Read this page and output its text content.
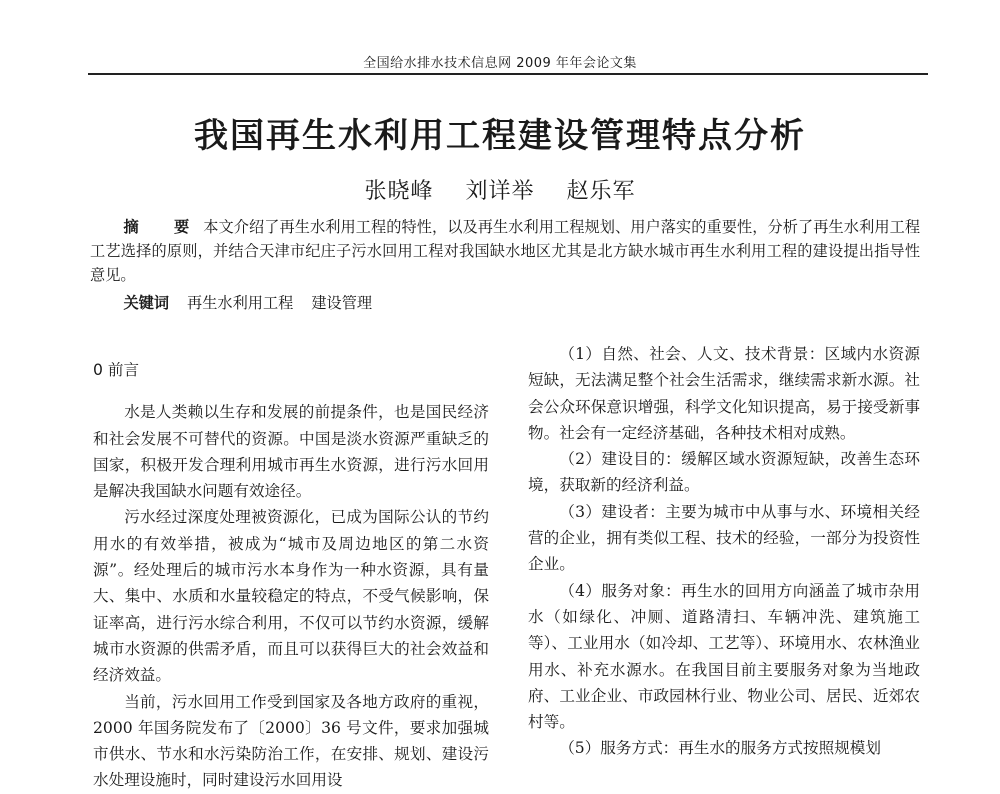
全国给水排水技术信息网 2009 年年会论文集
我国再生水利用工程建设管理特点分析
张晓峰 刘详举 赵乐军
摘　要 本文介绍了再生水利用工程的特性，以及再生水利用工程规划、用户落实的重要性，分析了再生水利用工程工艺选择的原则，并结合天津市纪庄子污水回用工程对我国缺水地区尤其是北方缺水城市再生水利用工程的建设提出指导性意见。
关键词 再生水利用工程 建设管理
0 前言

水是人类赖以生存和发展的前提条件，也是国民经济和社会发展不可替代的资源。中国是淡水资源严重缺乏的国家，积极开发合理利用城市再生水资源，进行污水回用是解决我国缺水问题有效途径。

污水经过深度处理被资源化，已成为国际公认的节约用水的有效举措，被成为“城市及周边地区的第二水资源”。经处理后的城市污水本身作为一种水资源，具有量大、集中、水质和水量较稳定的特点，不受气候影响，保证率高，进行污水综合利用，不仅可以节约水资源，缓解城市水资源的供需矛盾，而且可以获得巨大的社会效益和经济效益。

当前，污水回用工作受到国家及各地方政府的重视，2000 年国务院发布了〔2000〕36 号文件，要求加强城市供水、节水和水污染防治工作，在安排、规划、建设污水处理设施时，同时建设污水回用设

（1）自然、社会、人文、技术背景：区域内水资源短缺，无法满足整个社会生活需求，继续需求新水源。社会公众环保意识增强，科学文化知识提高，易于接受新事物。社会有一定经济基础，各种技术相对成熟。

（2）建设目的：缓解区域水资源短缺，改善生态环境，获取新的经济利益。

（3）建设者：主要为城市中从事与水、环境相关经营的企业，拥有类似工程、技术的经验，一部分为投资性企业。

（4）服务对象：再生水的回用方向涵盖了城市杂用水（如绿化、冲厕、道路清扫、车辆冲洗、建筑施工等）、工业用水（如冷却、工艺等）、环境用水、农林渔业用水、补充水源水。在我国目前主要服务对象为当地政府、工业企业、市政园林行业、物业公司、居民、近郊农村等。

（5）服务方式：再生水的服务方式按照规模划
